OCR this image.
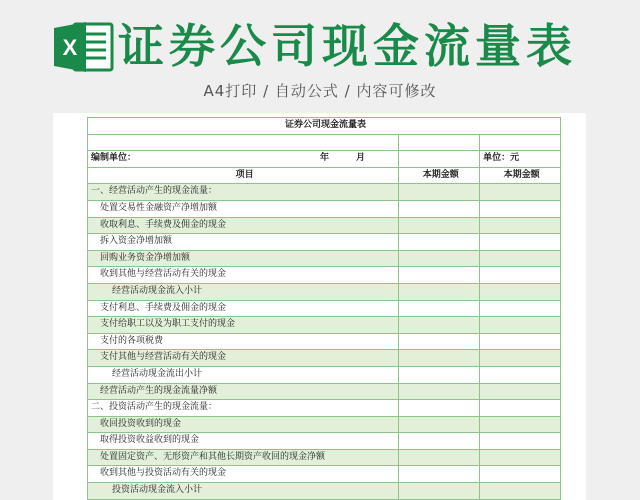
X 证券公司现金流量表
A4打印 / 自动公式 / 内容可修改
证券公司现金流量表
编制单位：	年	月	单位：元
项目	本期金额	本期金额
一、经营活动产生的现金流量：
处置交易性金融资产净增加额
收取利息、手续费及佣金的现金
拆入资金净增加额
回购业务资金净增加额
收到其他与经营活动有关的现金
经营活动现金流入小计
支付利息、手续费及佣金的现金
支付给职工以及为职工支付的现金
支付的各项税费
支付其他与经营活动有关的现金
经营活动现金流出小计
经营活动产生的现金流量净额
二、投资活动产生的现金流量：
收回投资收到的现金
取得投资收益收到的现金
处置固定资产、无形资产和其他长期资产收回的现金净额
收到其他与投资活动有关的现金
投资活动现金流入小计
